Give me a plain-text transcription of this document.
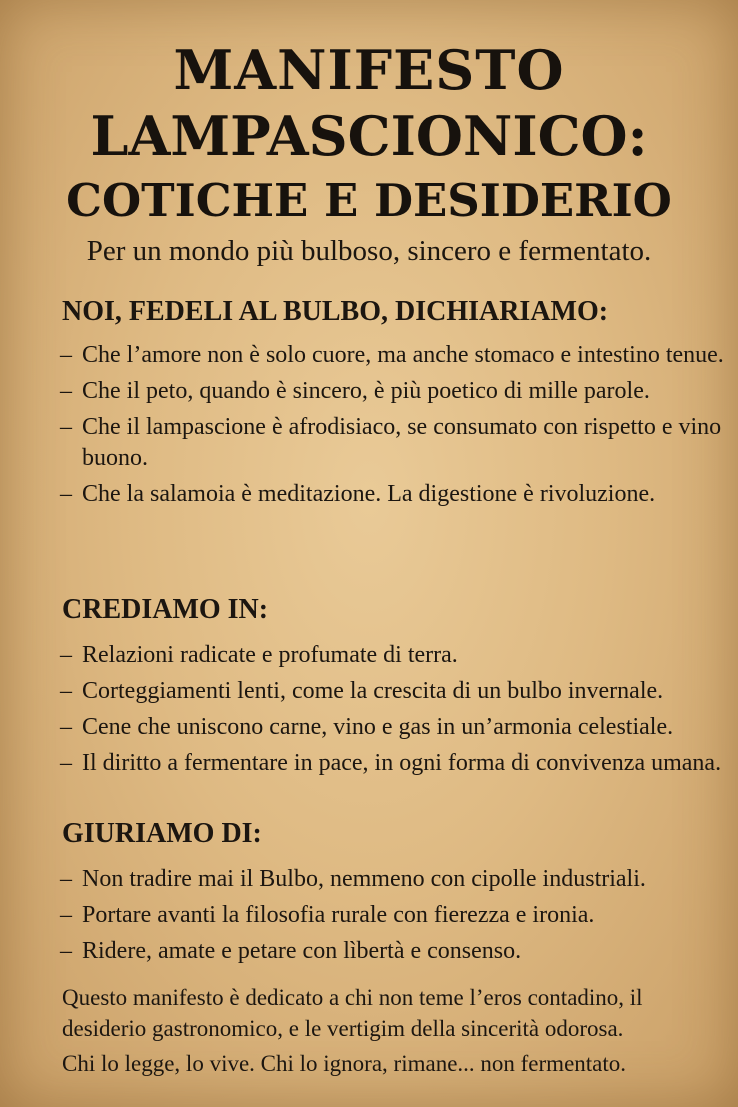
MANIFESTO
LAMPASCIONICO:
COTICHE E DESIDERIO
Per un mondo più bulboso, sincero e fermentato.
NOI, FEDELI AL BULBO, DICHIARIAMO:
– Che l’amore non è solo cuore, ma anche stomaco e intestino tenue.
– Che il peto, quando è sincero, è più poetico di mille parole.
– Che il lampascione è afrodisiaco, se consumato con rispetto e vino buono.
– Che la salamoia è meditazione. La digestione è rivoluzione.
CREDIAMO IN:
– Relazioni radicate e profumate di terra.
– Corteggiamenti lenti, come la crescita di un bulbo invernale.
– Cene che uniscono carne, vino e gas in un’armonia celestiale.
– Il diritto a fermentare in pace, in ogni forma di convivenza umana.
GIURIAMO DI:
– Non tradire mai il Bulbo, nemmeno con cipolle industriali.
– Portare avanti la filosofia rurale con fierezza e ironia.
– Ridere, amate e petare con lìbertà e consenso.

Questo manifesto è dedicato a chi non teme l’eros contadino, il desiderio gastronomico, e le vertigim della sincerità odorosa.

Chi lo legge, lo vive. Chi lo ignora, rimane... non fermentato.
